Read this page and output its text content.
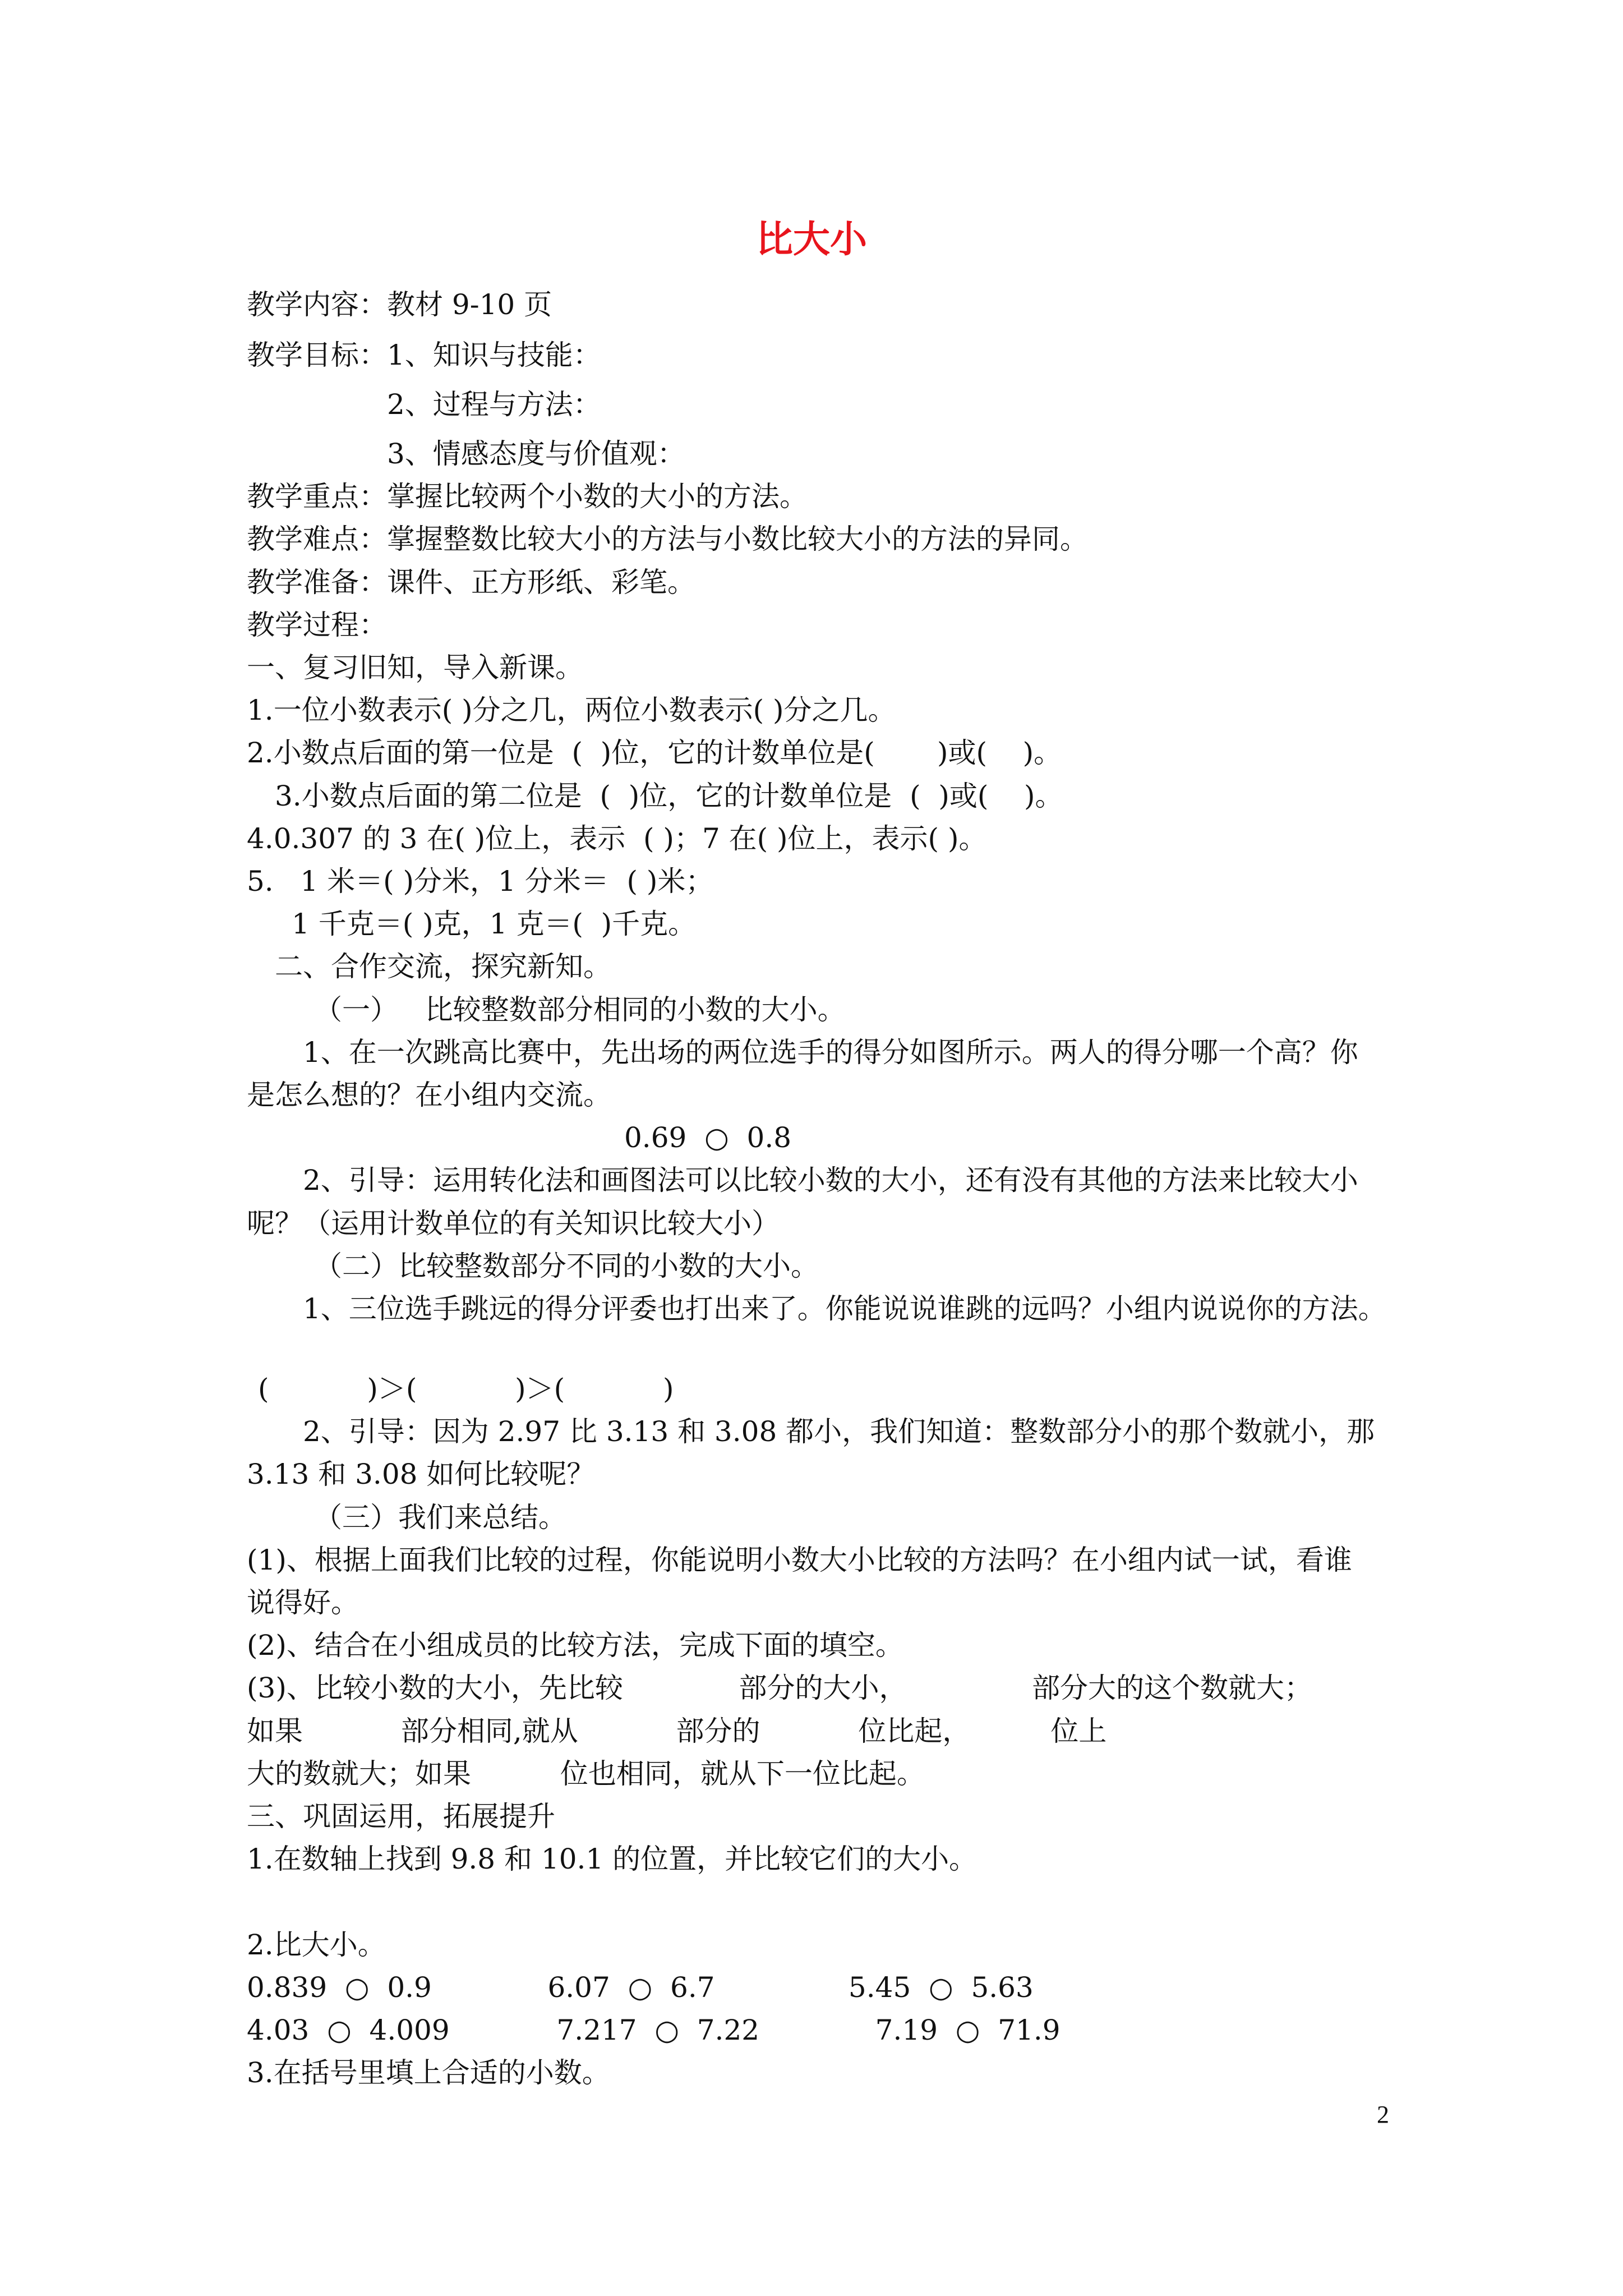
比大小
教学内容：教材 9-10 页
教学目标：1、知识与技能：
2、过程与方法：
3、情感态度与价值观：
教学重点：掌握比较两个小数的大小的方法。
教学难点：掌握整数比较大小的方法与小数比较大小的方法的异同。
教学准备：课件、正方形纸、彩笔。
教学过程：
一、复习旧知，导入新课。
1.一位小数表示( )分之几，两位小数表示( )分之几。
2.小数点后面的第一位是  (  )位，它的计数单位是(       )或(    )。
3.小数点后面的第二位是  (  )位，它的计数单位是  (  )或(    )。
4.0.307 的 3 在( )位上，表示  ( )；7 在( )位上，表示( )。
5.   1 米＝( )分米，1 分米＝  ( )米；
1 千克＝( )克，1 克＝(  )千克。
二、合作交流，探究新知。
（一）   比较整数部分相同的小数的大小。
1、在一次跳高比赛中，先出场的两位选手的得分如图所示。两人的得分哪一个高？你
是怎么想的？在小组内交流。
0.69  ○  0.8
2、引导：运用转化法和画图法可以比较小数的大小，还有没有其他的方法来比较大小
呢？（运用计数单位的有关知识比较大小）
（二）比较整数部分不同的小数的大小。
1、三位选手跳远的得分评委也打出来了。你能说说谁跳的远吗？小组内说说你的方法。
(           )＞(           )＞(           )
2、引导：因为 2.97 比 3.13 和 3.08 都小，我们知道：整数部分小的那个数就小，那
3.13 和 3.08 如何比较呢？
（三）我们来总结。
(1)、根据上面我们比较的过程，你能说明小数大小比较的方法吗？在小组内试一试，看谁
说得好。
(2)、结合在小组成员的比较方法，完成下面的填空。
(3)、比较小数的大小，先比较             部分的大小，              部分大的这个数就大；
如果           部分相同,就从           部分的           位比起，         位上
大的数就大；如果          位也相同，就从下一位比起。
三、巩固运用，拓展提升
1.在数轴上找到 9.8 和 10.1 的位置，并比较它们的大小。
2.比大小。
0.839  ○  0.9             6.07  ○  6.7               5.45  ○  5.63
4.03  ○  4.009            7.217  ○  7.22             7.19  ○  71.9
3.在括号里填上合适的小数。
2
